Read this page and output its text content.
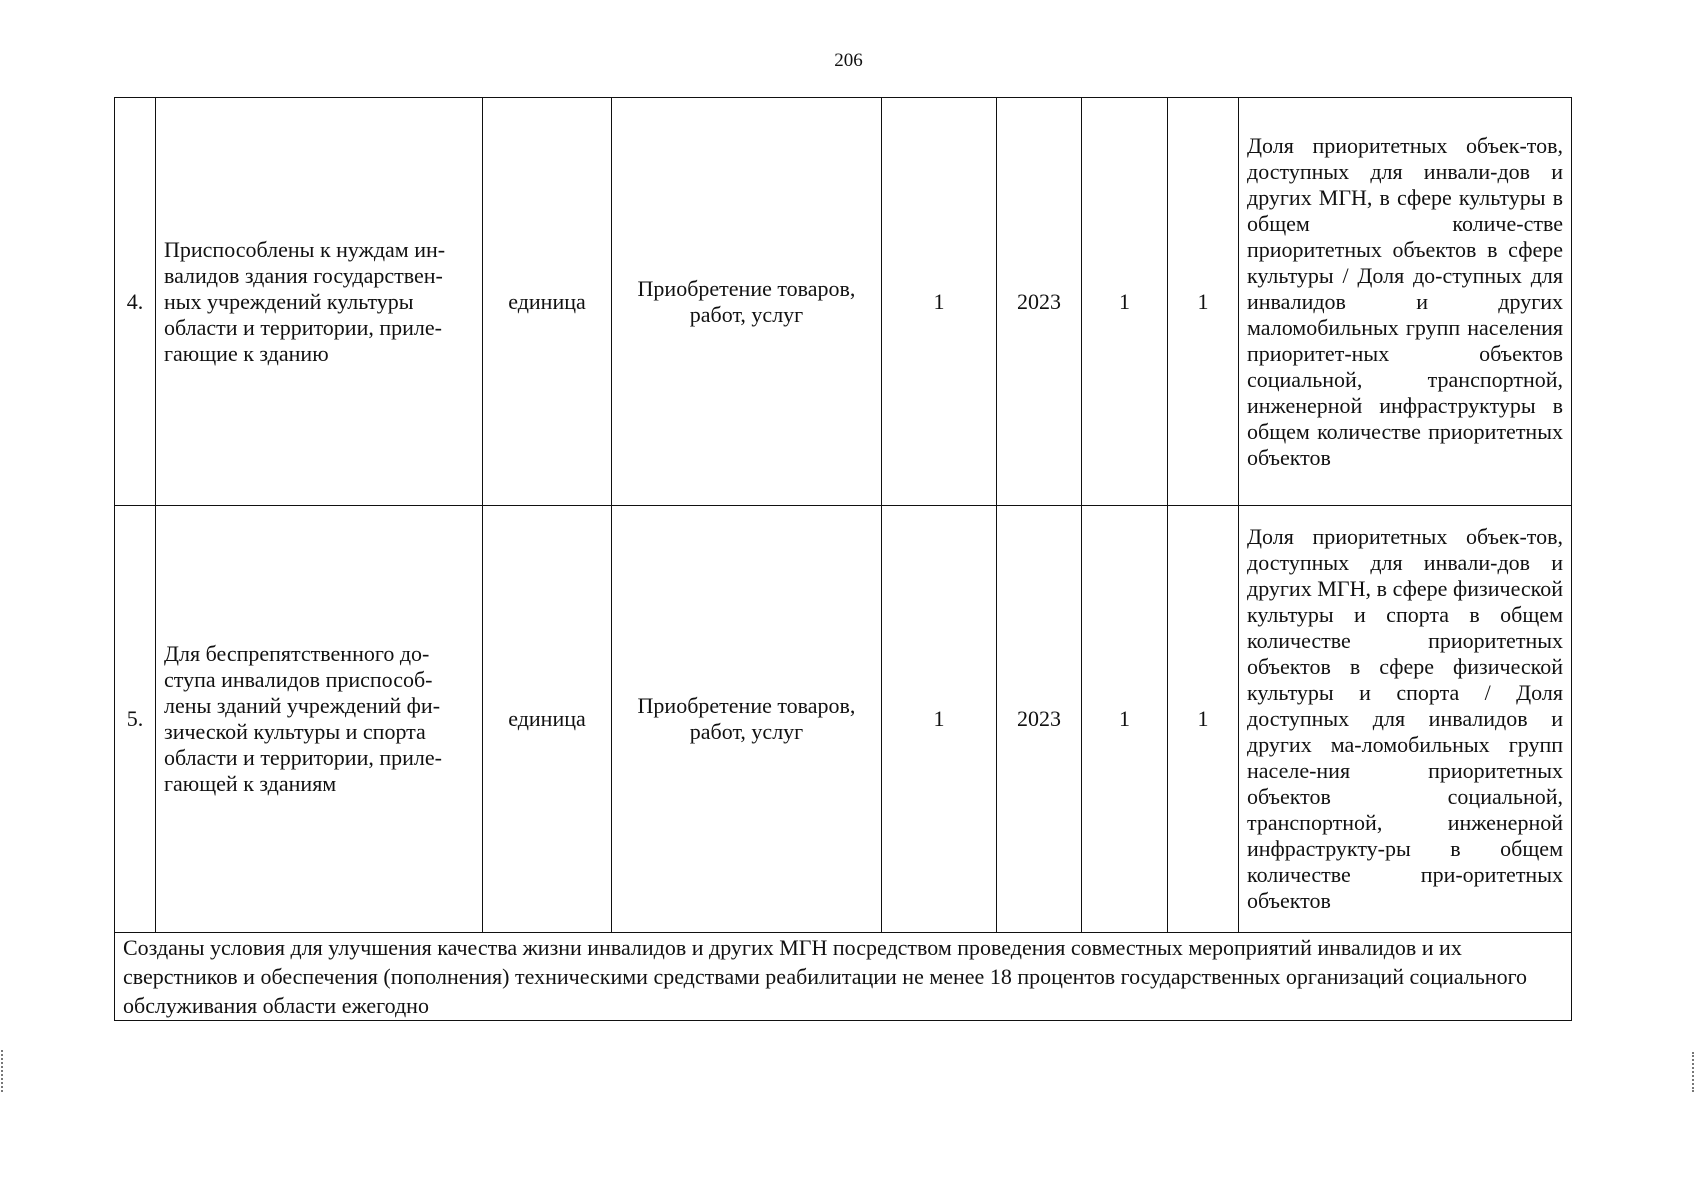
206
4.	Приспособлены к нуждам ин-валидов здания государствен-ных учреждений культуры области и территории, приле-гающие к зданию	единица	Приобретение товаров, работ, услуг	1	2023	1	1	Доля приоритетных объек-тов, доступных для инвали-дов и других МГН, в сфере культуры в общем количе-стве приоритетных объектов в сфере культуры / Доля до-ступных для инвалидов и других маломобильных групп населения приоритет-ных объектов социальной, транспортной, инженерной инфраструктуры в общем количестве приоритетных объектов
5.	Для беспрепятственного до-ступа инвалидов приспособ-лены зданий учреждений фи-зической культуры и спорта области и территории, приле-гающей к зданиям	единица	Приобретение товаров, работ, услуг	1	2023	1	1	Доля приоритетных объек-тов, доступных для инвали-дов и других МГН, в сфере физической культуры и спорта в общем количестве приоритетных объектов в сфере физической культуры и спорта / Доля доступных для инвалидов и других ма-ломобильных групп населе-ния приоритетных объектов социальной, транспортной, инженерной инфраструкту-ры в общем количестве при-оритетных объектов
Созданы условия для улучшения качества жизни инвалидов и других МГН посредством проведения совместных мероприятий инвалидов и их сверстников и обеспечения (пополнения) техническими средствами реабилитации не менее 18 процентов государственных организаций социального обслуживания области ежегодно								
